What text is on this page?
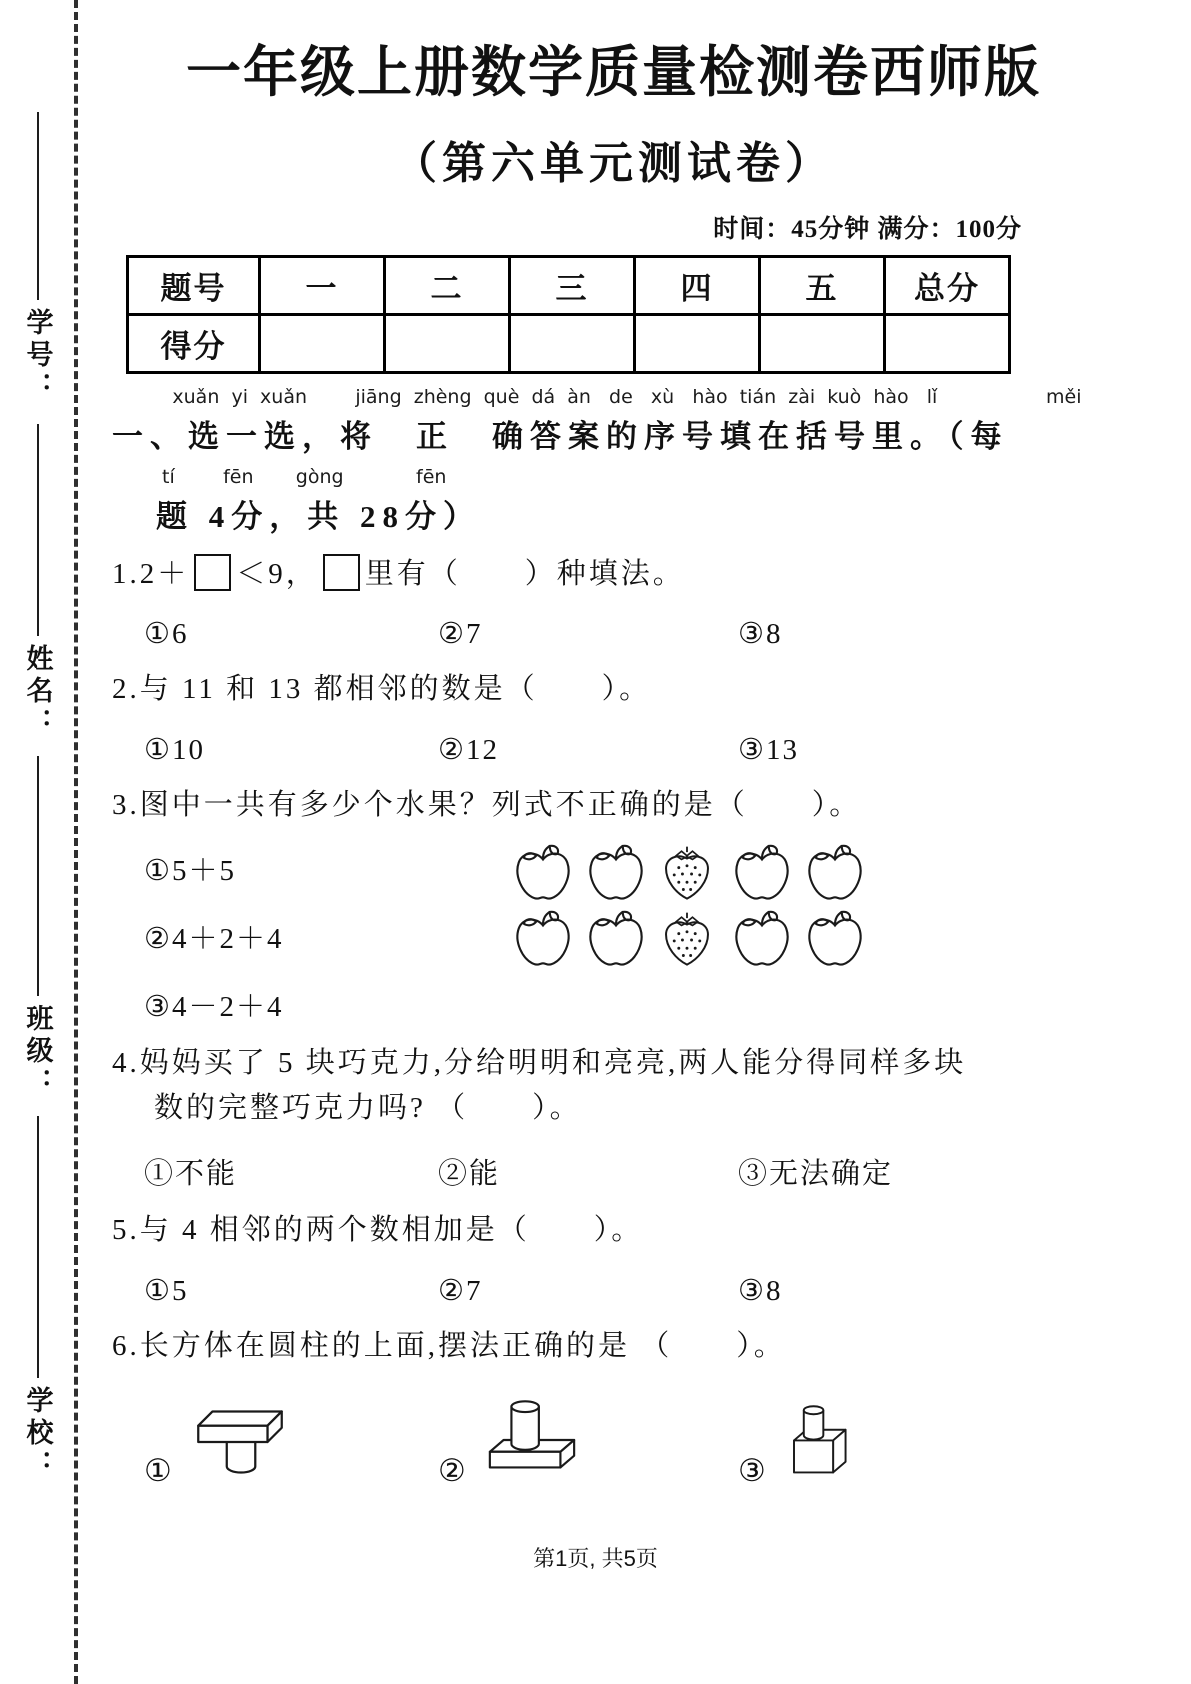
学号：
姓名：
班级：
学校：
一年级上册数学质量检测卷西师版
（第六单元测试卷）
时间：45分钟 满分：100分
题号	一	二	三	四	五	总分
得分						
xuǎn  yi  xuǎn        jiāng  zhèng  què  dá  àn   de   xù   hào  tián  zài  kuò  hào   lǐ                  měi
一、选一选，将　正　确答案的序号填在括号里。（每
tí        fēn       gòng            fēn
题 4分，共 28分）
1.2＋ ＜9， 里有（　　）种填法。
①6	②7	③8
2.与 11 和 13 都相邻的数是（　　）。
①10	②12	③13
3.图中一共有多少个水果？列式不正确的是（　　）。
①5＋5
②4＋2＋4
③4－2＋4
4.妈妈买了 5 块巧克力,分给明明和亮亮,两人能分得同样多块
数的完整巧克力吗? （　　）。
①不能	②能	③无法确定
5.与 4 相邻的两个数相加是（　　）。
①5	②7	③8
6.长方体在圆柱的上面,摆法正确的是 （　　）。
①	②	③
第1页, 共5页
